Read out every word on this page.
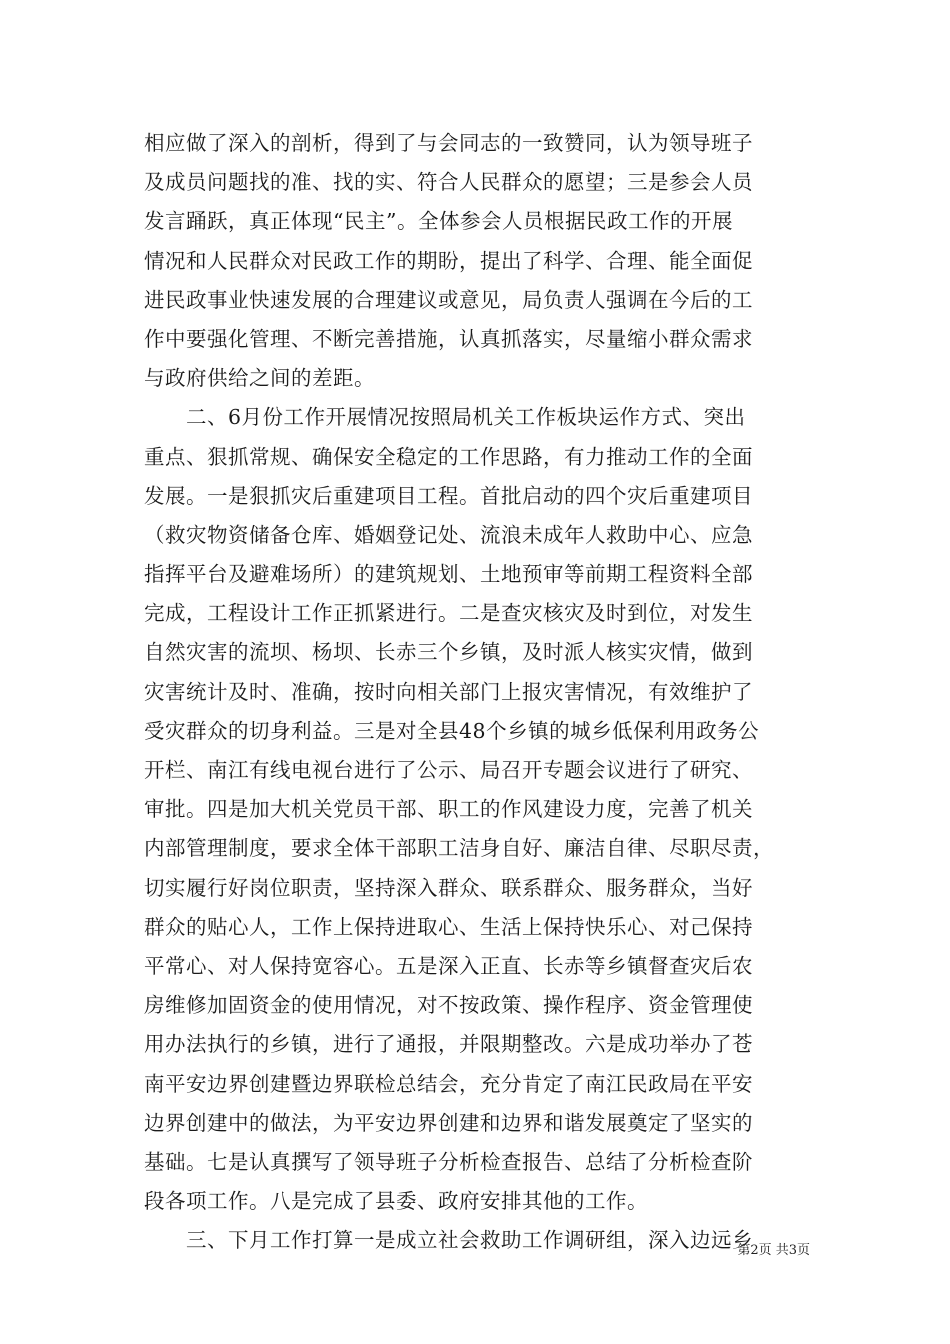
相应做了深入的剖析，得到了与会同志的一致赞同，认为领导班子
及成员问题找的准、找的实、符合人民群众的愿望；三是参会人员
发言踊跃，真正体现“民主”。全体参会人员根据民政工作的开展
情况和人民群众对民政工作的期盼，提出了科学、合理、能全面促
进民政事业快速发展的合理建议或意见，局负责人强调在今后的工
作中要强化管理、不断完善措施，认真抓落实，尽量缩小群众需求
与政府供给之间的差距。
　　二、6月份工作开展情况按照局机关工作板块运作方式、突出
重点、狠抓常规、确保安全稳定的工作思路，有力推动工作的全面
发展。一是狠抓灾后重建项目工程。首批启动的四个灾后重建项目
（救灾物资储备仓库、婚姻登记处、流浪未成年人救助中心、应急
指挥平台及避难场所）的建筑规划、土地预审等前期工程资料全部
完成，工程设计工作正抓紧进行。二是查灾核灾及时到位，对发生
自然灾害的流坝、杨坝、长赤三个乡镇，及时派人核实灾情，做到
灾害统计及时、准确，按时向相关部门上报灾害情况，有效维护了
受灾群众的切身利益。三是对全县48个乡镇的城乡低保利用政务公
开栏、南江有线电视台进行了公示、局召开专题会议进行了研究、
审批。四是加大机关党员干部、职工的作风建设力度，完善了机关
内部管理制度，要求全体干部职工洁身自好、廉洁自律、尽职尽责，
切实履行好岗位职责，坚持深入群众、联系群众、服务群众，当好
群众的贴心人，工作上保持进取心、生活上保持快乐心、对己保持
平常心、对人保持宽容心。五是深入正直、长赤等乡镇督查灾后农
房维修加固资金的使用情况，对不按政策、操作程序、资金管理使
用办法执行的乡镇，进行了通报，并限期整改。六是成功举办了苍
南平安边界创建暨边界联检总结会，充分肯定了南江民政局在平安
边界创建中的做法，为平安边界创建和边界和谐发展奠定了坚实的
基础。七是认真撰写了领导班子分析检查报告、总结了分析检查阶
段各项工作。八是完成了县委、政府安排其他的工作。
　　三、下月工作打算一是成立社会救助工作调研组，深入边远乡
第2页 共3页
